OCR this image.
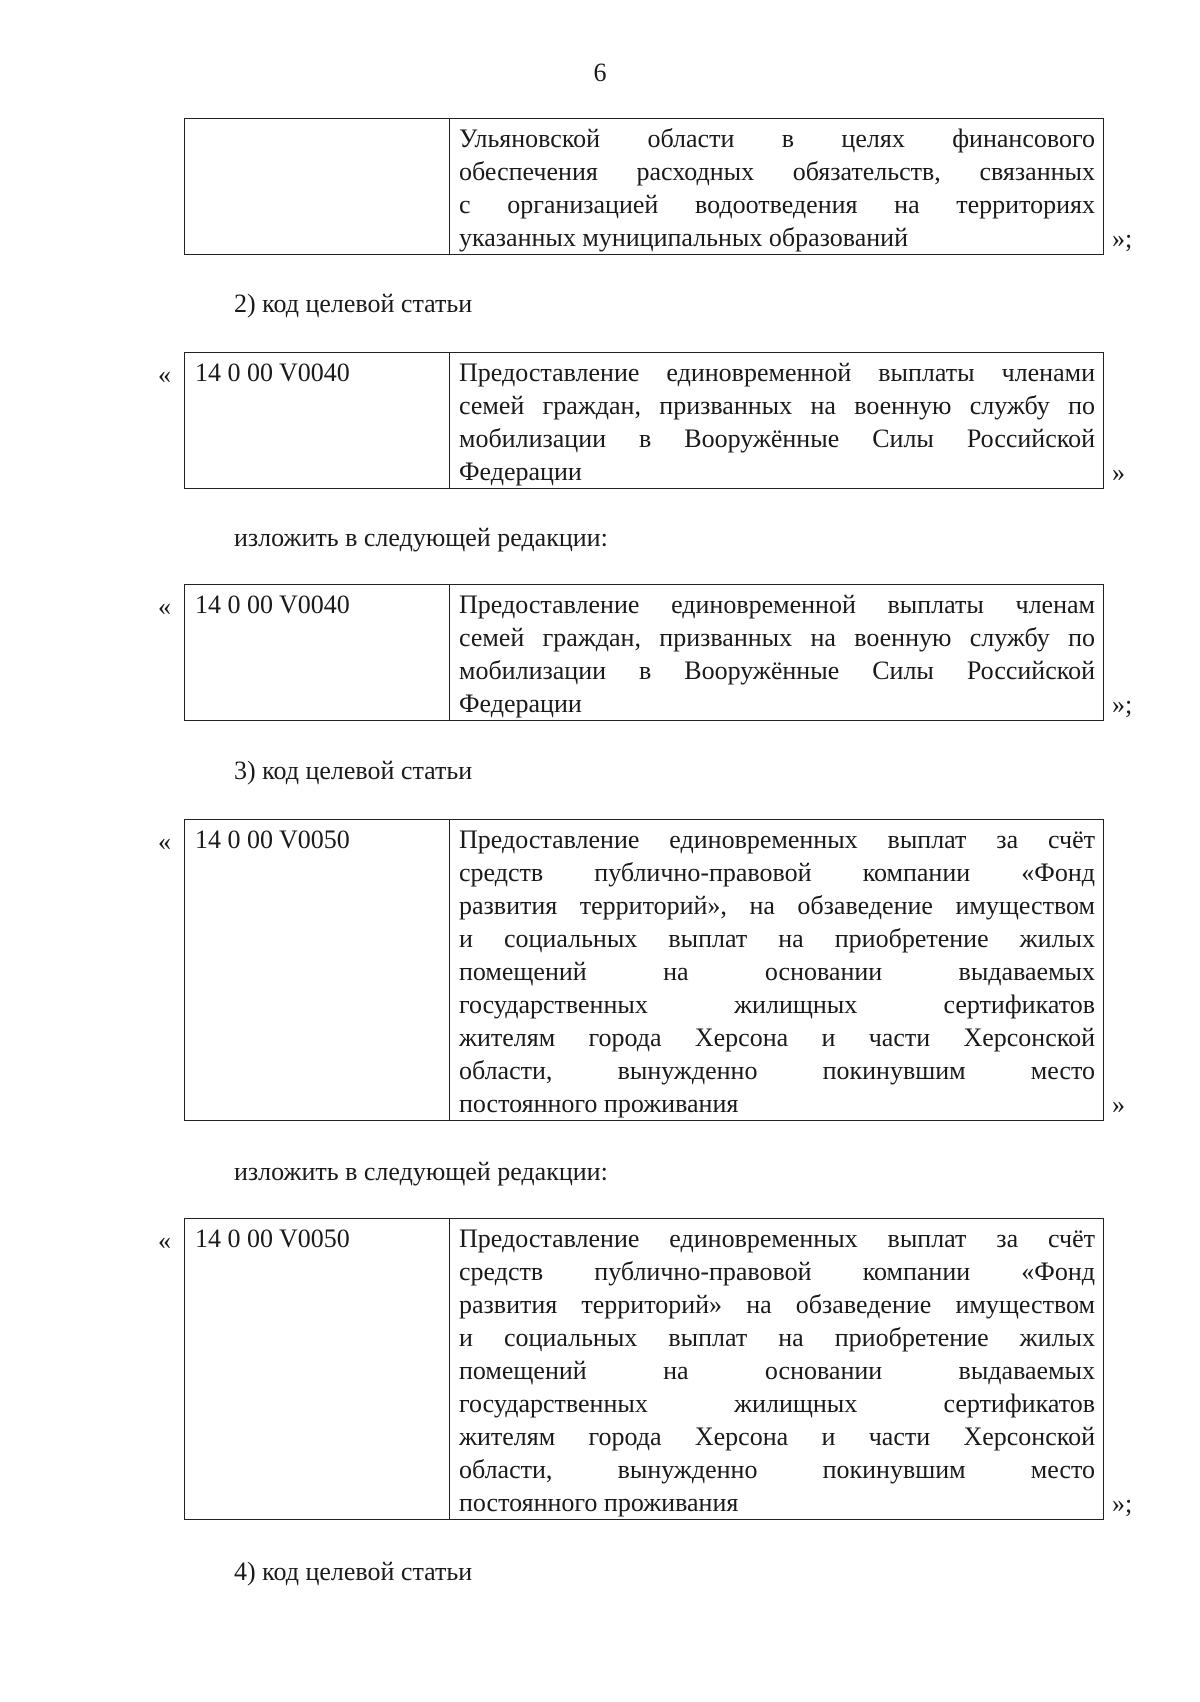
6

Ульяновской области в целях финансового
обеспечения расходных обязательств, связанных
с организацией водоотведения на территориях
указанных муниципальных образований	»;
2) код целевой статьи
« 14 0 00 V0040	Предоставление единовременной выплаты членами
семей граждан, призванных на военную службу по
мобилизации в Вооружённые Силы Российской
Федерации	»
изложить в следующей редакции:
« 14 0 00 V0040	Предоставление единовременной выплаты членам
семей граждан, призванных на военную службу по
мобилизации в Вооружённые Силы Российской
Федерации	»;
3) код целевой статьи
« 14 0 00 V0050	Предоставление единовременных выплат за счёт
средств публично-правовой компании «Фонд
развития территорий», на обзаведение имуществом
и социальных выплат на приобретение жилых
помещений на основании выдаваемых
государственных жилищных сертификатов
жителям города Херсона и части Херсонской
области, вынужденно покинувшим место
постоянного проживания	»
изложить в следующей редакции:
« 14 0 00 V0050	Предоставление единовременных выплат за счёт
средств публично-правовой компании «Фонд
развития территорий» на обзаведение имуществом
и социальных выплат на приобретение жилых
помещений на основании выдаваемых
государственных жилищных сертификатов
жителям города Херсона и части Херсонской
области, вынужденно покинувшим место
постоянного проживания	»;
4) код целевой статьи
